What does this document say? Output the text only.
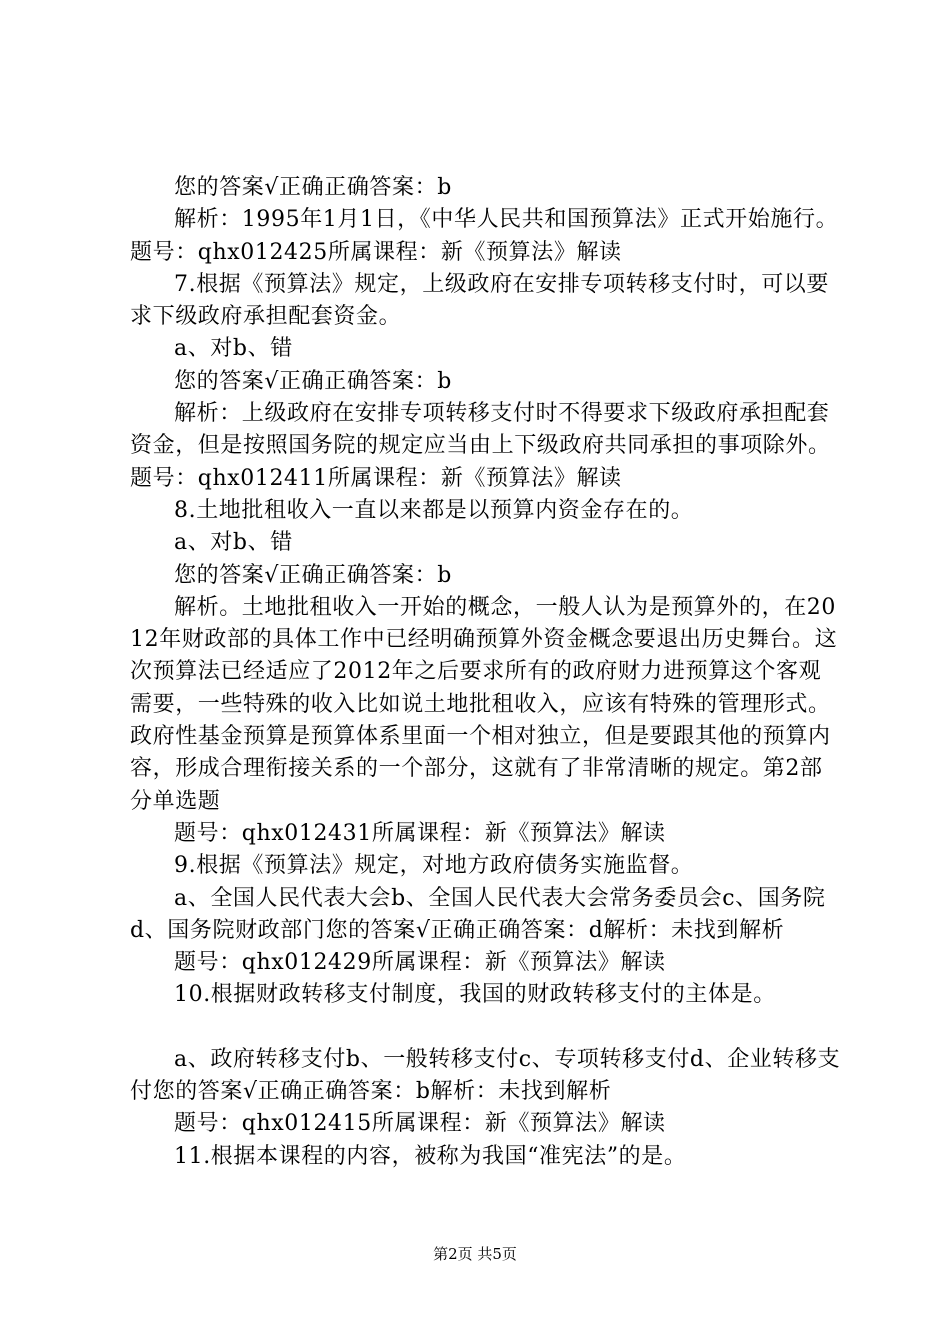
您的答案√正确正确答案：b

解析：1995年1月1日，《中华人民共和国预算法》正式开始施行。题号：qhx012425所属课程：新《预算法》解读

7.根据《预算法》规定，上级政府在安排专项转移支付时，可以要求下级政府承担配套资金。

a、对b、错

您的答案√正确正确答案：b

解析：上级政府在安排专项转移支付时不得要求下级政府承担配套资金，但是按照国务院的规定应当由上下级政府共同承担的事项除外。题号：qhx012411所属课程：新《预算法》解读

8.土地批租收入一直以来都是以预算内资金存在的。

a、对b、错

您的答案√正确正确答案：b

解析。土地批租收入一开始的概念，一般人认为是预算外的，在2012年财政部的具体工作中已经明确预算外资金概念要退出历史舞台。这次预算法已经适应了2012年之后要求所有的政府财力进预算这个客观需要，一些特殊的收入比如说土地批租收入，应该有特殊的管理形式。政府性基金预算是预算体系里面一个相对独立，但是要跟其他的预算内容，形成合理衔接关系的一个部分，这就有了非常清晰的规定。第2部分单选题

题号：qhx012431所属课程：新《预算法》解读

9.根据《预算法》规定，对地方政府债务实施监督。

a、全国人民代表大会b、全国人民代表大会常务委员会c、国务院d、国务院财政部门您的答案√正确正确答案：d解析：未找到解析

题号：qhx012429所属课程：新《预算法》解读

10.根据财政转移支付制度，我国的财政转移支付的主体是。

a、政府转移支付b、一般转移支付c、专项转移支付d、企业转移支付您的答案√正确正确答案：b解析：未找到解析

题号：qhx012415所属课程：新《预算法》解读

11.根据本课程的内容，被称为我国“准宪法”的是。

第2页 共5页
